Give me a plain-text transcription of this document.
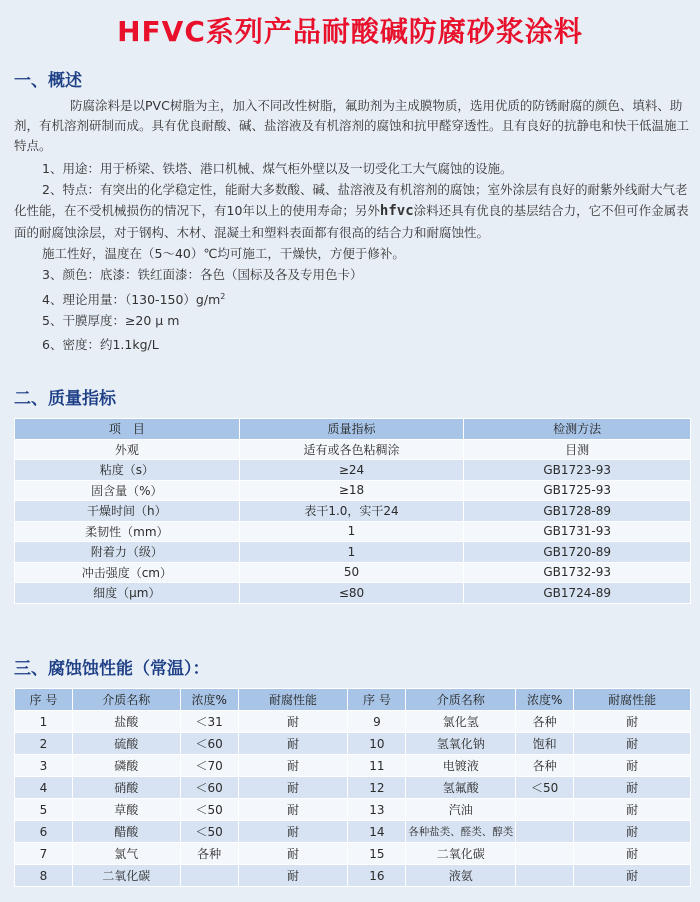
HFVC系列产品耐酸碱防腐砂浆涂料
一、概述
防腐涂料是以PVC树脂为主，加入不同改性树脂，氟助剂为主成膜物质，选用优质的防锈耐腐的颜色、填料、助剂，有机溶剂研制而成。具有优良耐酸、碱、盐溶液及有机溶剂的腐蚀和抗甲醛穿透性。且有良好的抗静电和快干低温施工特点。
1、用途：用于桥梁、铁塔、港口机械、煤气柜外壁以及一切受化工大气腐蚀的设施。
2、特点：有突出的化学稳定性，能耐大多数酸、碱、盐溶液及有机溶剂的腐蚀；室外涂层有良好的耐紫外线耐大气老化性能，在不受机械损伤的情况下，有10年以上的使用寿命；另外hfvc涂料还具有优良的基层结合力，它不但可作金属表面的耐腐蚀涂层，对于钢构、木材、混凝土和塑料表面都有很高的结合力和耐腐蚀性。
施工性好，温度在（5～40）℃均可施工，干燥快，方便于修补。
3、颜色：底漆：铁红面漆：各色（国标及各及专用色卡）
4、理论用量：$(130-150)g/m^2$
5、干膜厚度：≥20 μ m
6、密度：约1.1kg/L
二、质量指标
项　目	质量指标	检测方法
外观	适有或各色粘稠涂	目测
粘度（s）	≥24	GB1723-93
固含量（%）	≥18	GB1725-93
干燥时间（h）	表干1.0，实干24	GB1728-89
柔韧性（mm）	1	GB1731-93
附着力（级）	1	GB1720-89
冲击强度（cm）	50	GB1732-93
细度（μm）	≤80	GB1724-89
三、腐蚀蚀性能（常温）：
序 号	介质名称	浓度%	耐腐性能	序 号	介质名称	浓度%	耐腐性能
1	盐酸	＜31	耐	9	氯化氢	各种	耐
2	硫酸	＜60	耐	10	氢氧化钠	饱和	耐
3	磷酸	＜70	耐	11	电镀液	各种	耐
4	硝酸	＜60	耐	12	氢氟酸	＜50	耐
5	草酸	＜50	耐	13	汽油		耐
6	醋酸	＜50	耐	14	各种盐类、醛类、醇类		耐
7	氯气	各种	耐	15	二氧化碳		耐
8	二氧化碳		耐	16	液氨		耐
